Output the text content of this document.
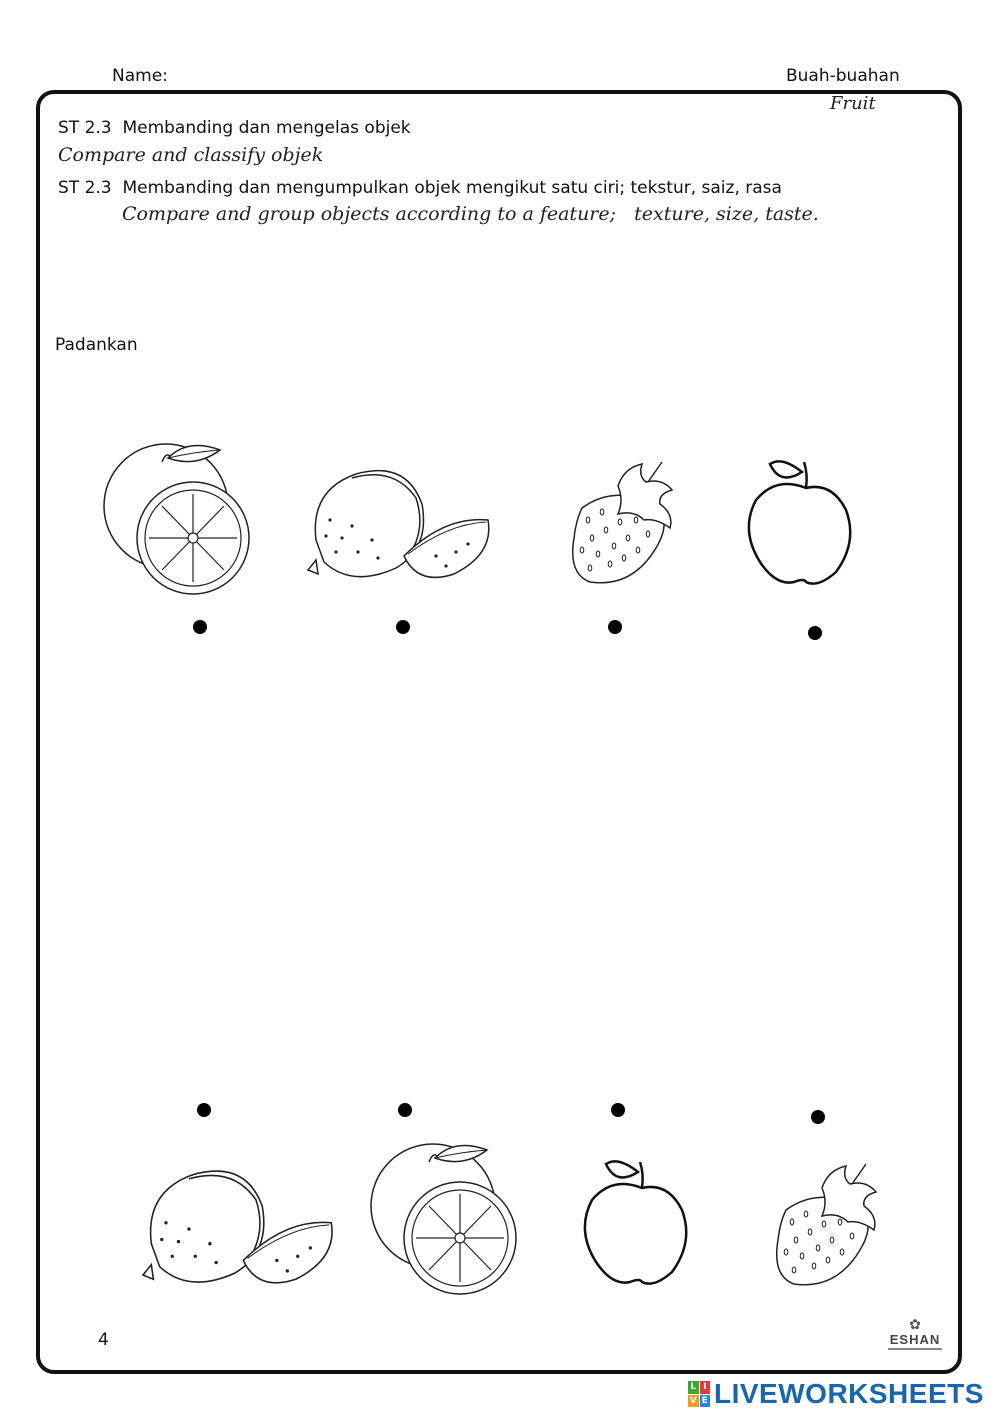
Name:	Buah-buahan
Fruit
ST 2.3 Membanding dan mengelas objek
Compare and classify objek
ST 2.3 Membanding dan mengumpulkan objek mengikut satu ciri; tekstur, saiz, rasa
Compare and group objects according to a feature;   texture, size, taste.
Padankan
4
✿
ESHAN
L I
V E LIVEWORKSHEETS
